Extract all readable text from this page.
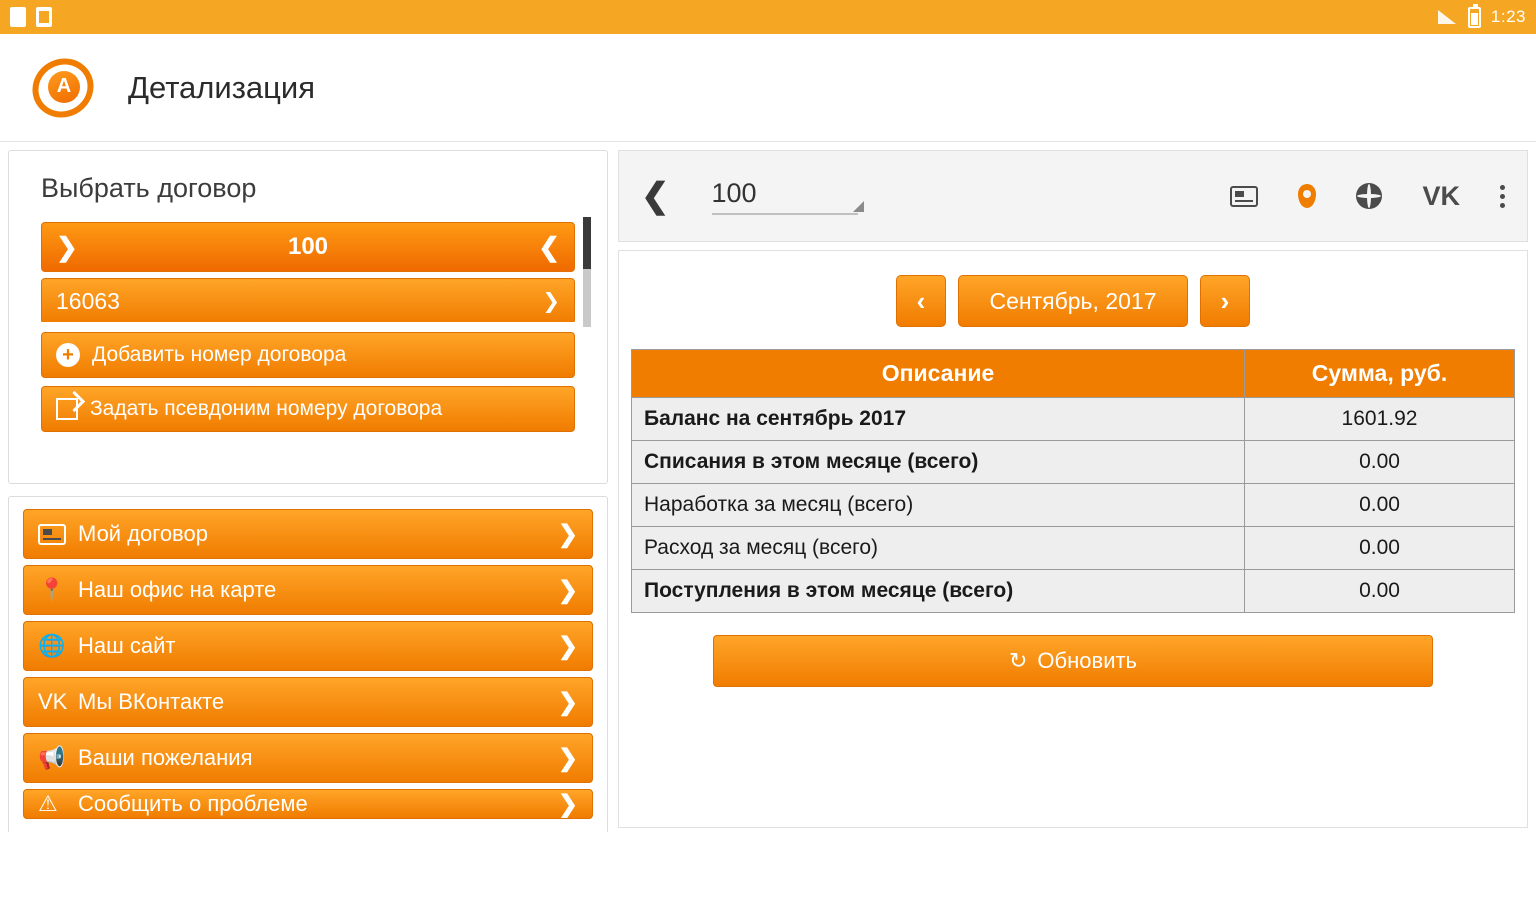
1:23
A Детализация
Выбрать договор
❯	100	❮
16063	❯
+ Добавить номер договора
Задать псевдоним номеру договора
Мой договор	❯
📍 Наш офис на карте	❯
🌐 Наш сайт	❯
VK Мы ВКонтакте	❯
📢 Ваши пожелания	❯
⚠ Сообщить о проблеме	❯
❮ 100	VK
‹	Сентябрь, 2017	›
Описание	Сумма, руб.
Баланс на сентябрь 2017	1601.92
Списания в этом месяце (всего)	0.00
Наработка за месяц (всего)	0.00
Расход за месяц (всего)	0.00
Поступления в этом месяце (всего)	0.00
↻ Обновить
